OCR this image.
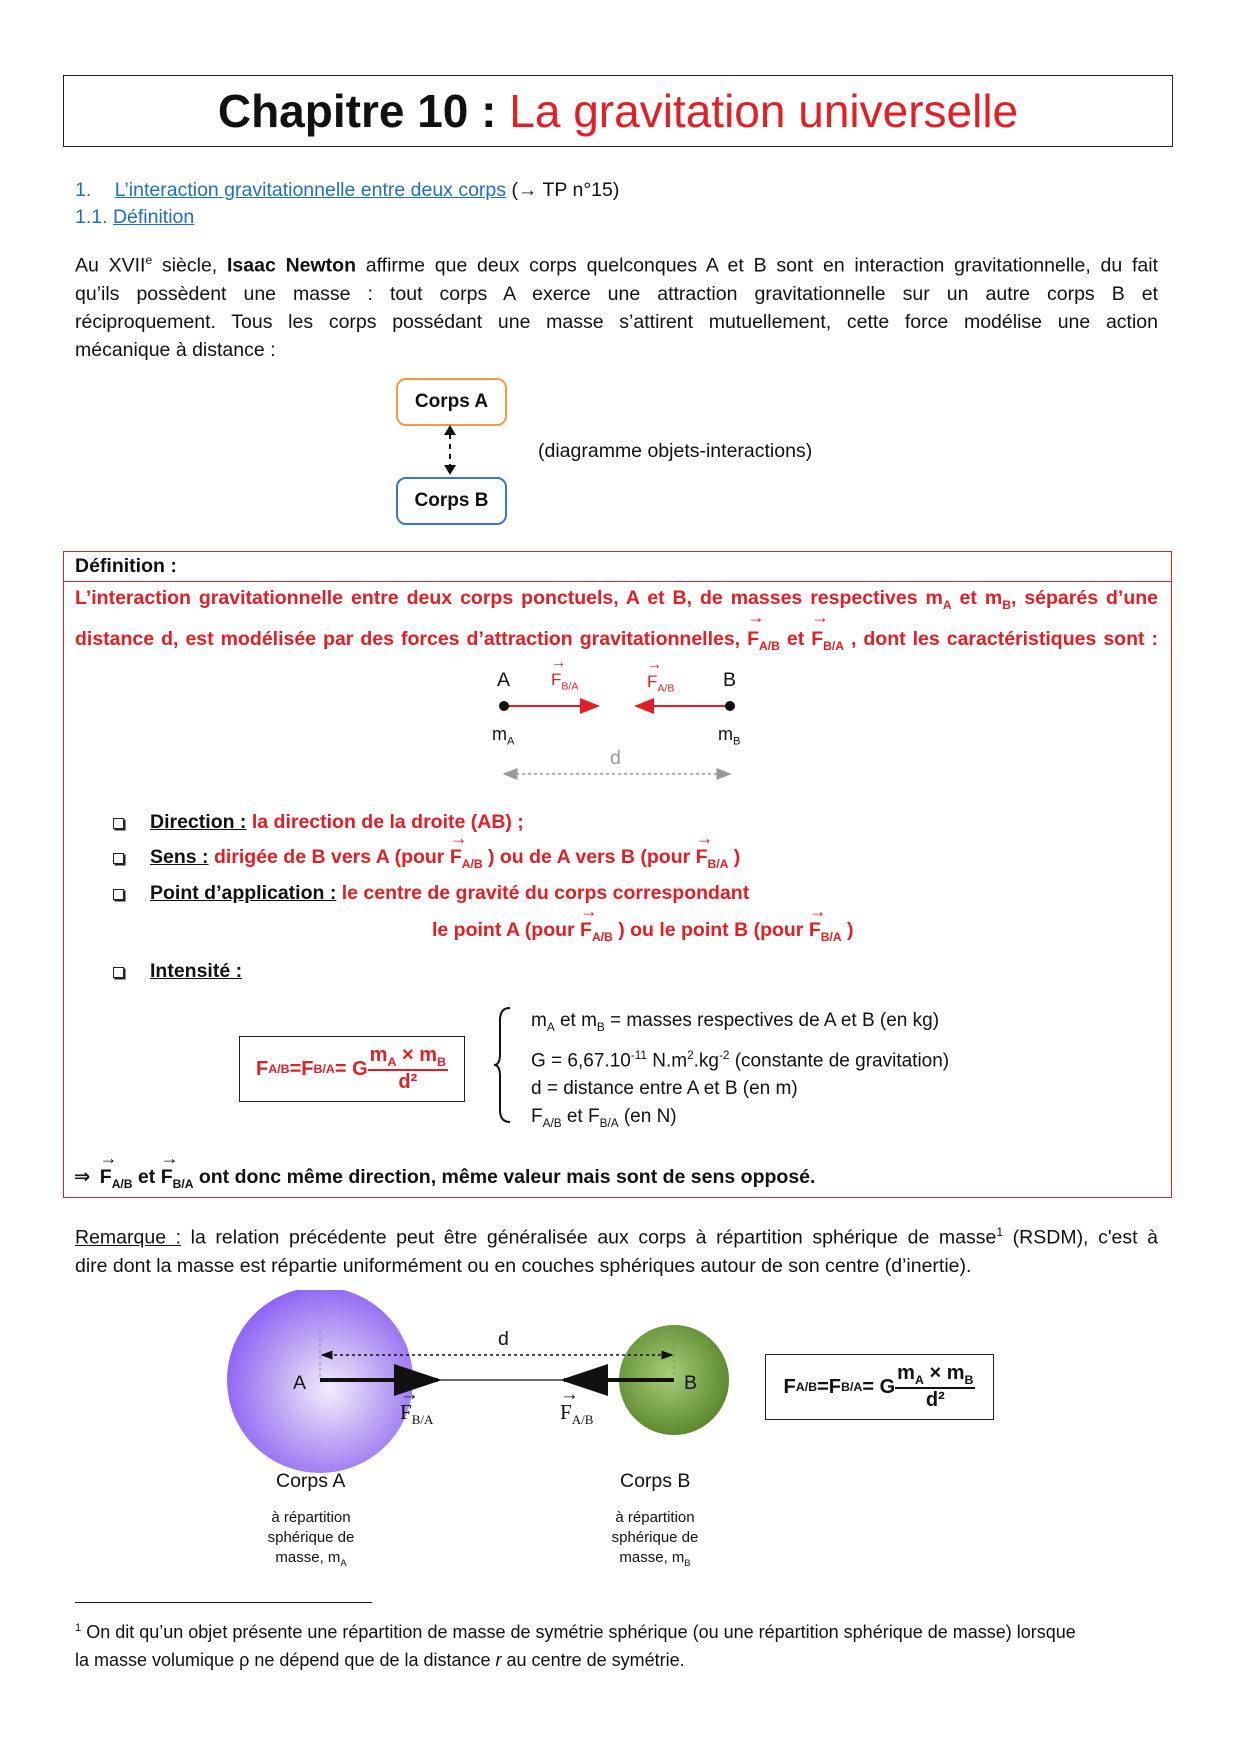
Chapitre 10 : La gravitation universelle
1. L’interaction gravitationnelle entre deux corps (→ TP n°15)
1.1. Définition
Au XVIIe siècle, Isaac Newton affirme que deux corps quelconques A et B sont en interaction gravitationnelle, du fait
qu’ils possèdent une masse : tout corps A exerce une attraction gravitationnelle sur un autre corps B et
réciproquement. Tous les corps possédant une masse s’attirent mutuellement, cette force modélise une action
mécanique à distance :
Corps A
Corps B
(diagramme objets-interactions)
Définition :
L’interaction gravitationnelle entre deux corps ponctuels, A et B, de masses respectives $m_A$ et $m_B$, séparés d’une
distance d, est modélisée par des forces d’attraction gravitationnelles, → $F_{A/B}$ et → $F_{B/A}$ , dont les caractéristiques sont :
A	B
→ $F_{B/A}$	→ $F_{A/B}$
$m_A$	$m_B$
d
Direction : la direction de la droite (AB) ;
Sens : dirigée de B vers A (pour → $F_{A/B}$ ) ou de A vers B (pour → $F_{B/A}$ )
Point d’application : le centre de gravité du corps correspondant
le point A (pour → $F_{A/B}$ ) ou le point B (pour → $F_{B/A}$ )
Intensité :
F A/B = F B/A = G $\frac{m_A \times m_B}{\text{d²}}$
$m_A$ et $m_B$ = masses respectives de A et B (en kg)
$G = 6,67.10^{-11}$ $N.m^2.kg^{-2}$ (constante de gravitation)
d = distance entre A et B (en m)
$F_{A/B}$ et $F_{B/A}$ (en N)
⇒ → $F_{A/B}$ et → $F_{B/A}$ ont donc même direction, même valeur mais sont de sens opposé.
Remarque : la relation précédente peut être généralisée aux corps à répartition sphérique de masse$^1$ (RSDM), c'est à
dire dont la masse est répartie uniformément ou en couches sphériques autour de son centre (d’inertie).
A	B
d
→ $F_{B/A}$	→ $F_{A/B}$
Corps A	Corps B
à répartition
sphérique de
masse, $m_A$
à répartition
sphérique de
masse, $m_B$
F A/B = F B/A = G $\frac{m_A \times m_B}{\text{d²}}$
$^1$ On dit qu’un objet présente une répartition de masse de symétrie sphérique (ou une répartition sphérique de masse) lorsque
la masse volumique ρ ne dépend que de la distance r au centre de symétrie.
